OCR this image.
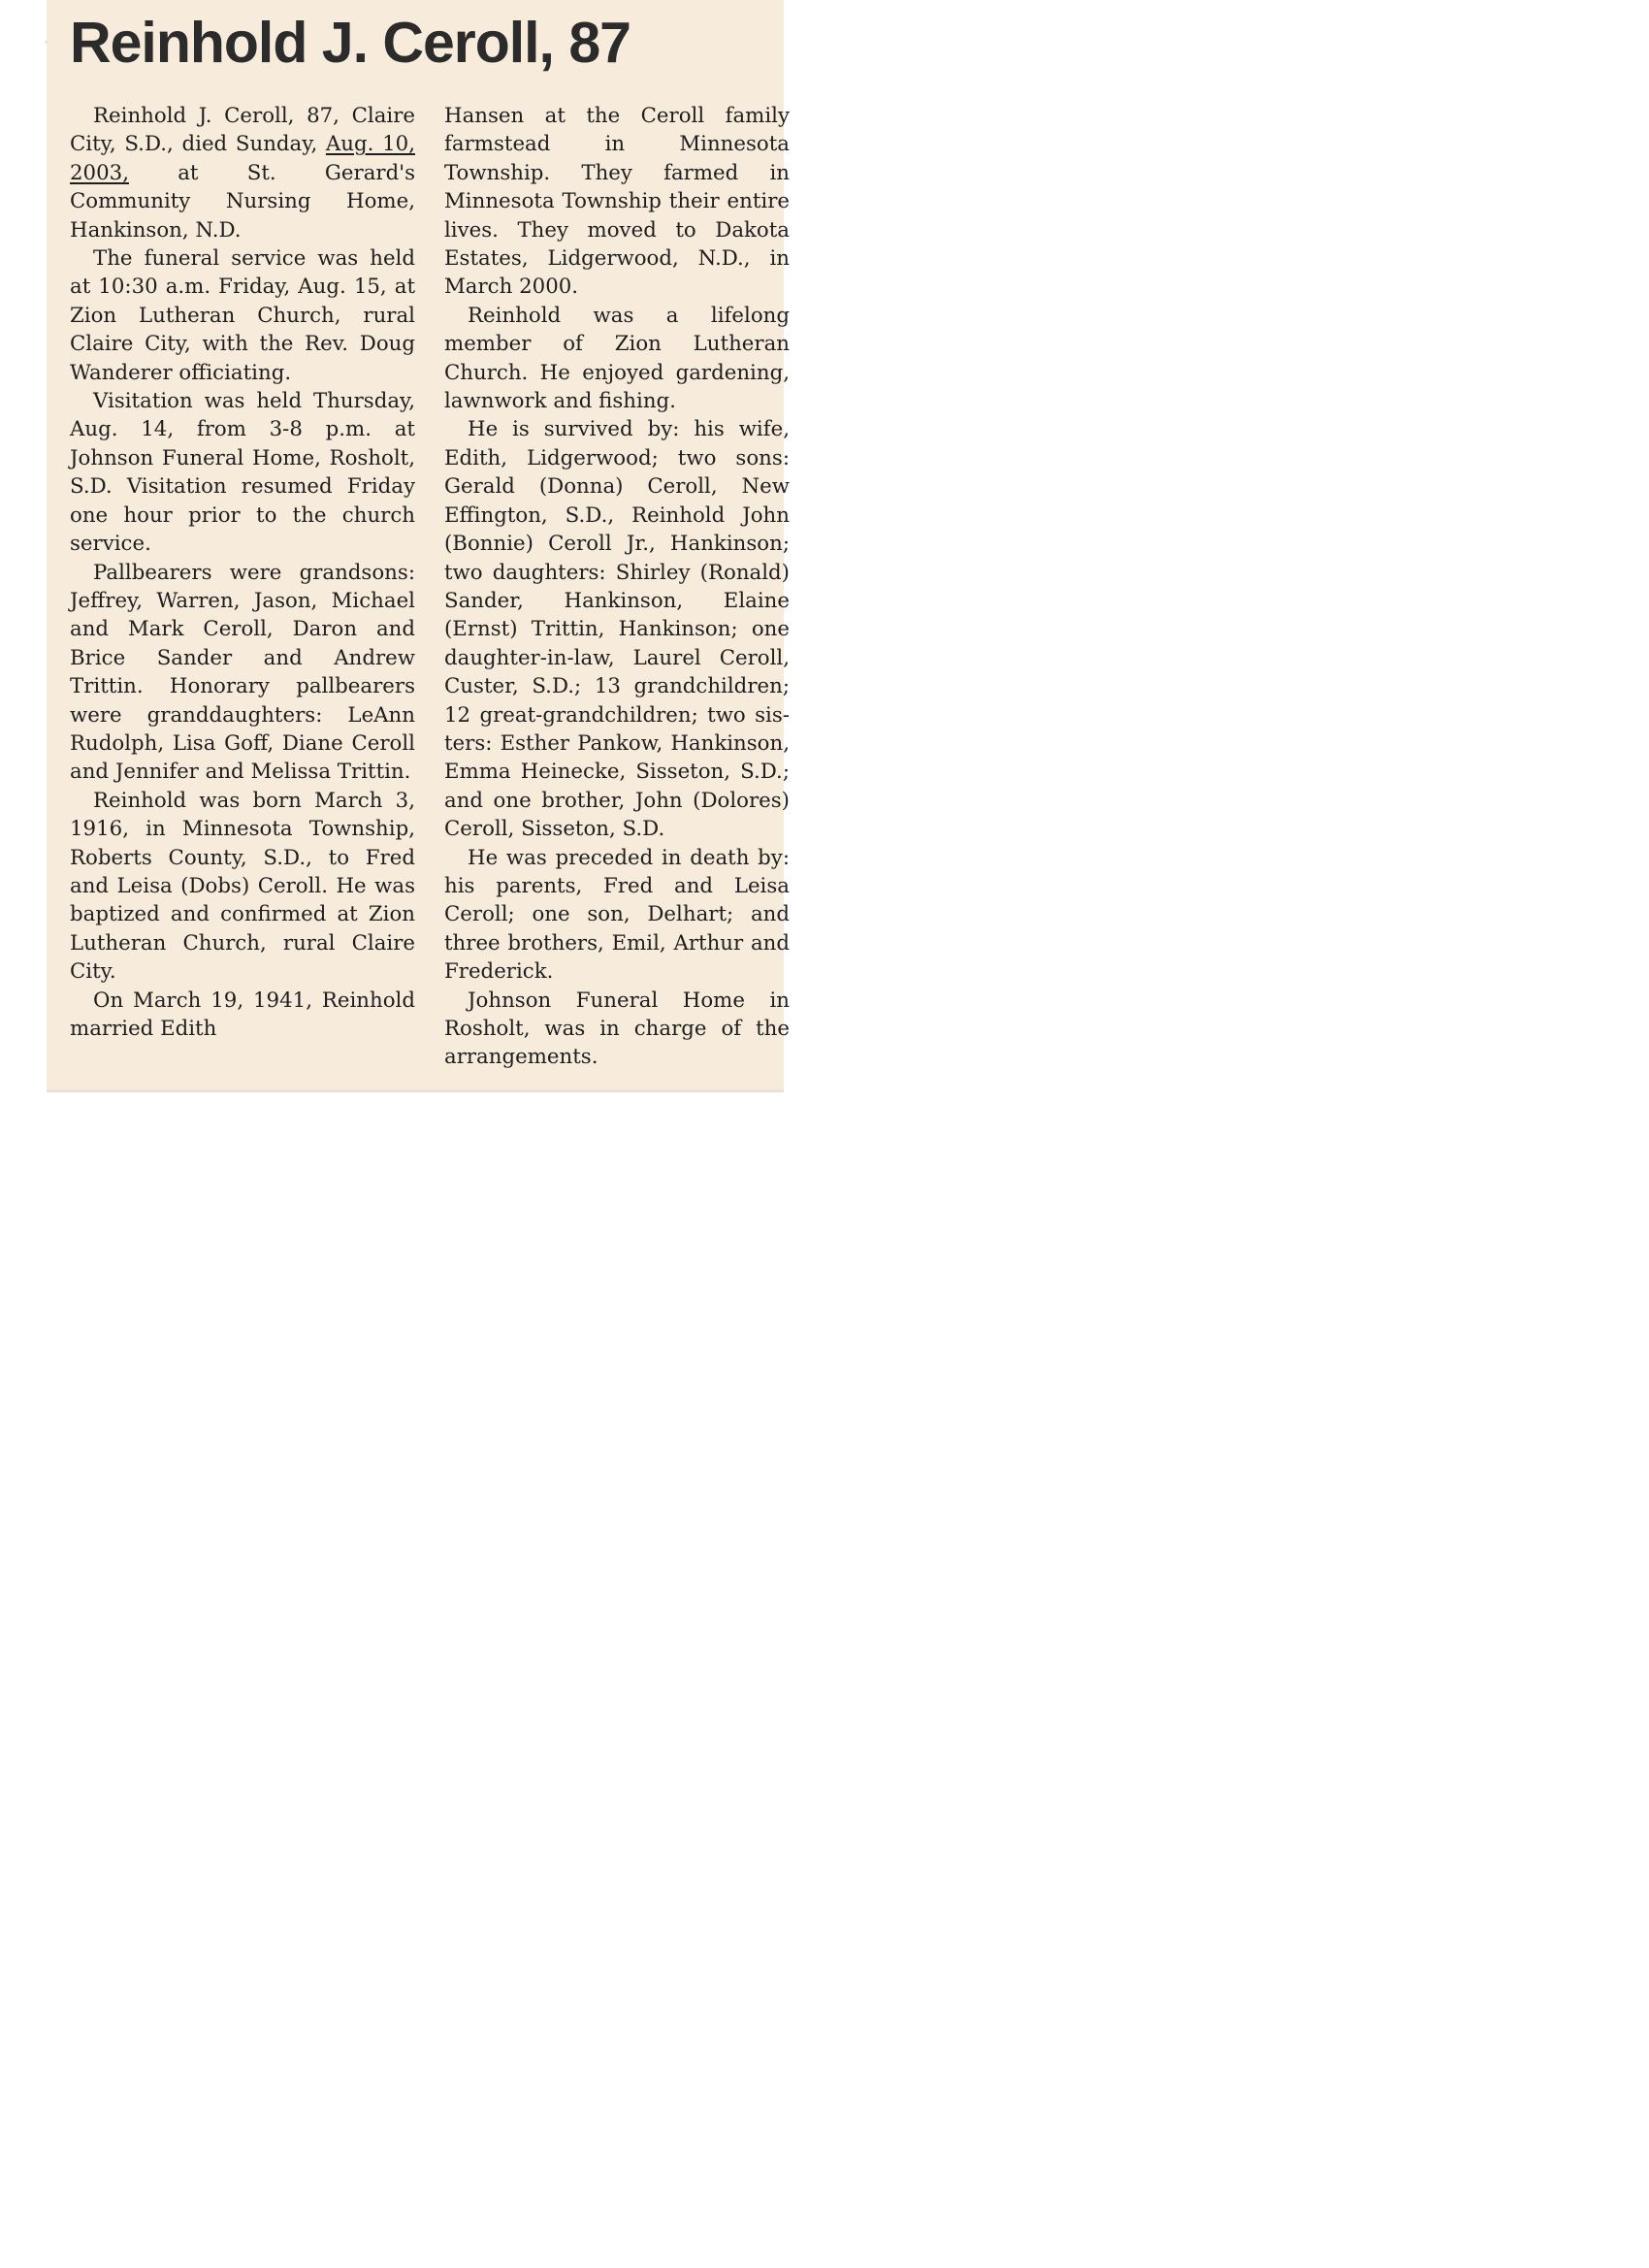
Reinhold J. Ceroll, 87

Reinhold J. Ceroll, 87, Claire City, S.D., died Sunday, Aug. 10, 2003, at St. Gerard's Community Nursing Home, Hankinson, N.D.

The funeral service was held at 10:30 a.m. Friday, Aug. 15, at Zion Lutheran Church, rural Claire City, with the Rev. Doug Wanderer officiating.

Visitation was held Thursday, Aug. 14, from 3-8 p.m. at Johnson Funeral Home, Rosholt, S.D. Visitation resumed Friday one hour prior to the church service.

Pallbearers were grandsons: Jeffrey, Warren, Jason, Michael and Mark Ceroll, Daron and Brice Sander and Andrew Trittin. Honorary pallbearers were granddaughters: LeAnn Rudolph, Lisa Goff, Diane Ceroll and Jennifer and Melissa Trittin.

Reinhold was born March 3, 1916, in Minnesota Township, Roberts County, S.D., to Fred and Leisa (Dobs) Ceroll. He was baptized and confirmed at Zion Lutheran Church, rural Claire City.

On March 19, 1941, Reinhold married Edith

Hansen at the Ceroll family farmstead in Minnesota Township. They farmed in Minnesota Township their entire lives. They moved to Dakota Estates, Lidgerwood, N.D., in March 2000.

Reinhold was a lifelong member of Zion Lutheran Church. He enjoyed gardening, lawnwork and fishing.

He is survived by: his wife, Edith, Lidgerwood; two sons: Gerald (Donna) Ceroll, New Effington, S.D., Reinhold John (Bonnie) Ceroll Jr., Hankinson; two daughters: Shirley (Ronald) Sander, Hankinson, Elaine (Ernst) Trittin, Hankinson; one daughter-in-law, Laurel Ceroll, Custer, S.D.; 13 grandchildren; 12 great-grandchildren; two sisters: Esther Pankow, Hankinson, Emma Heinecke, Sisseton, S.D.; and one brother, John (Dolores) Ceroll, Sisseton, S.D.

He was preceded in death by: his parents, Fred and Leisa Ceroll; one son, Delhart; and three brothers, Emil, Arthur and Frederick.

Johnson Funeral Home in Rosholt, was in charge of the arrangements.
